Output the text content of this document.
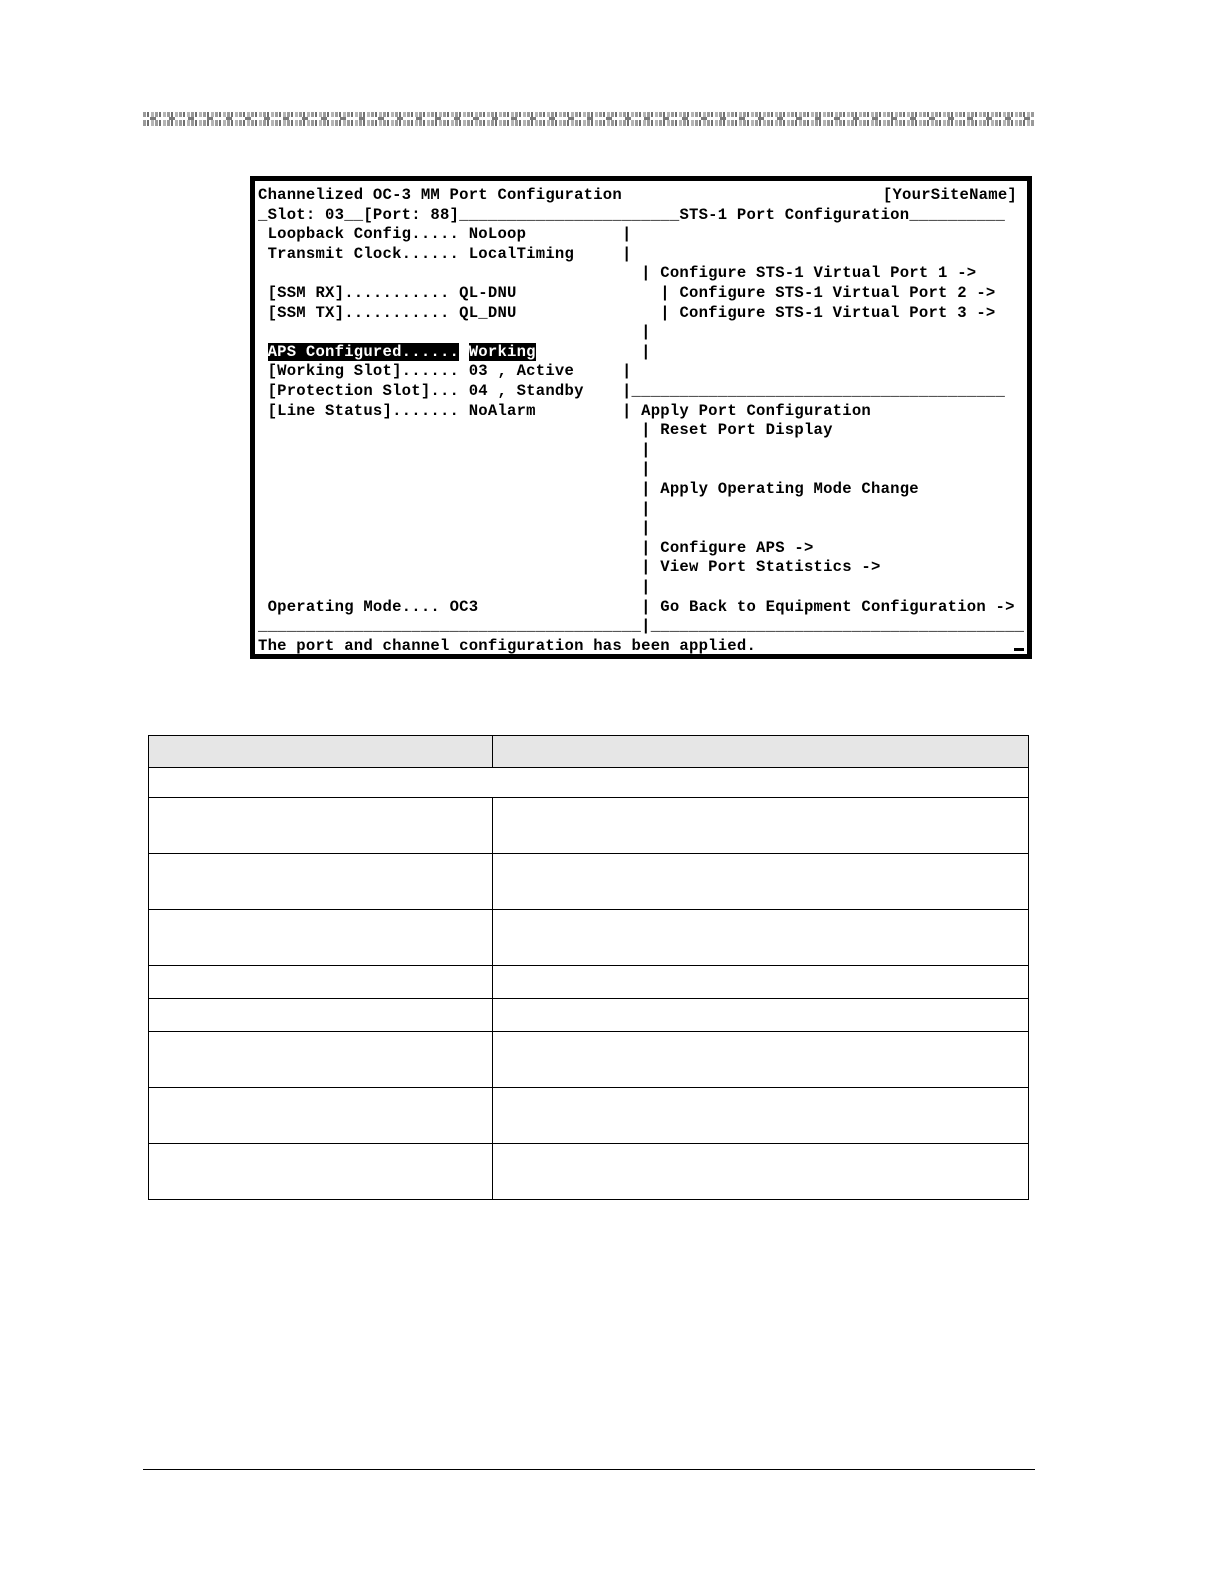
Channelized OC-3 MM Port Configuration	[YourSiteName]
_Slot: 03__[Port: 88]_______________________STS-1 Port Configuration__________
Loopback Config..... NoLoop	|
Transmit Clock...... LocalTiming	|
| Configure STS-1 Virtual Port 1 ->
[SSM RX]........... QL-DNU	| Configure STS-1 Virtual Port 2 ->
[SSM TX]........... QL_DNU	| Configure STS-1 Virtual Port 3 ->
|
APS Configured...... Working	|
[Working Slot]...... 03 , Active	|
[Protection Slot]... 04 , Standby |_______________________________________
[Line Status]....... NoAlarm	| Apply Port Configuration
| Reset Port Display
|
|
| Apply Operating Mode Change
|
|
| Configure APS ->
| View Port Statistics ->
|
Operating Mode.... OC3	| Go Back to Equipment Configuration ->
________________________________________|_______________________________________
The port and channel configuration has been applied.
